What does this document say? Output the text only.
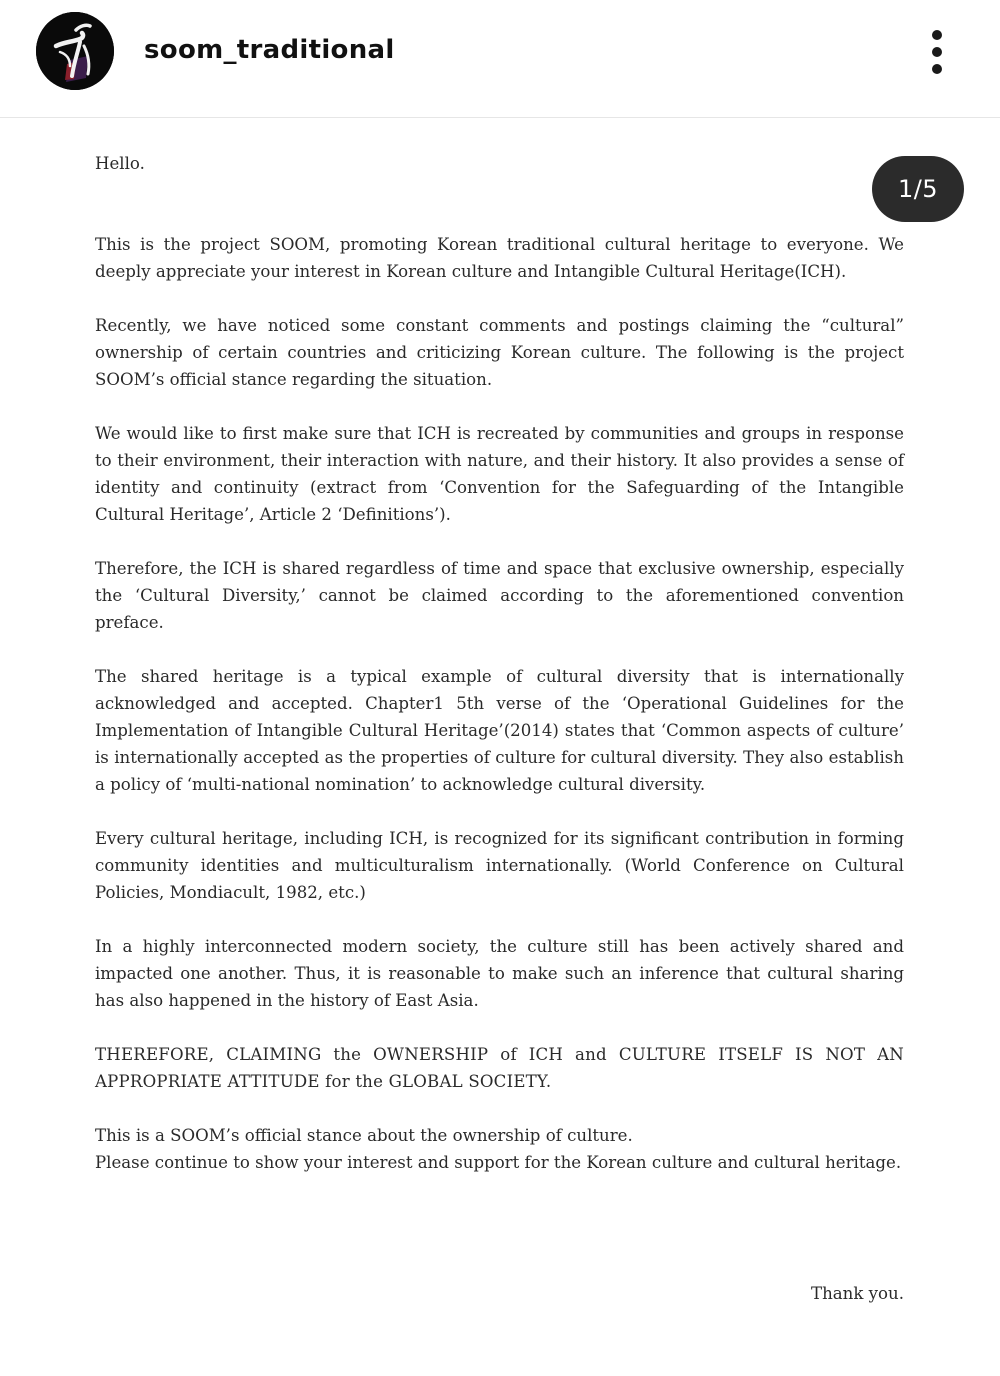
soom_traditional
1/5

Hello.

This is the project SOOM, promoting Korean traditional cultural heritage to everyone. We deeply appreciate your interest in Korean culture and Intangible Cultural Heritage(ICH).

Recently, we have noticed some constant comments and postings claiming the “cultural” ownership of certain countries and criticizing Korean culture. The following is the project SOOM’s official stance regarding the situation.

We would like to first make sure that ICH is recreated by communities and groups in response to their environment, their interaction with nature, and their history. It also provides a sense of identity and continuity (extract from ‘Convention for the Safeguarding of the Intangible Cultural Heritage’, Article 2 ‘Definitions’).

Therefore, the ICH is shared regardless of time and space that exclusive ownership, especially the ‘Cultural Diversity,’ cannot be claimed according to the aforementioned convention preface.

The shared heritage is a typical example of cultural diversity that is internationally acknowledged and accepted. Chapter1 5th verse of the ‘Operational Guidelines for the Implementation of Intangible Cultural Heritage’(2014) states that ‘Common aspects of culture’ is internationally accepted as the properties of culture for cultural diversity. They also establish a policy of ‘multi-national nomination’ to acknowledge cultural diversity.

Every cultural heritage, including ICH, is recognized for its significant contribution in forming community identities and multiculturalism internationally. (World Conference on Cultural Policies, Mondiacult, 1982, etc.)

In a highly interconnected modern society, the culture still has been actively shared and impacted one another. Thus, it is reasonable to make such an inference that cultural sharing has also happened in the history of East Asia.

THEREFORE, CLAIMING the OWNERSHIP of ICH and CULTURE ITSELF IS NOT AN APPROPRIATE ATTITUDE for the GLOBAL SOCIETY.

This is a SOOM’s official stance about the ownership of culture.
Please continue to show your interest and support for the Korean culture and cultural heritage.

Thank you.
